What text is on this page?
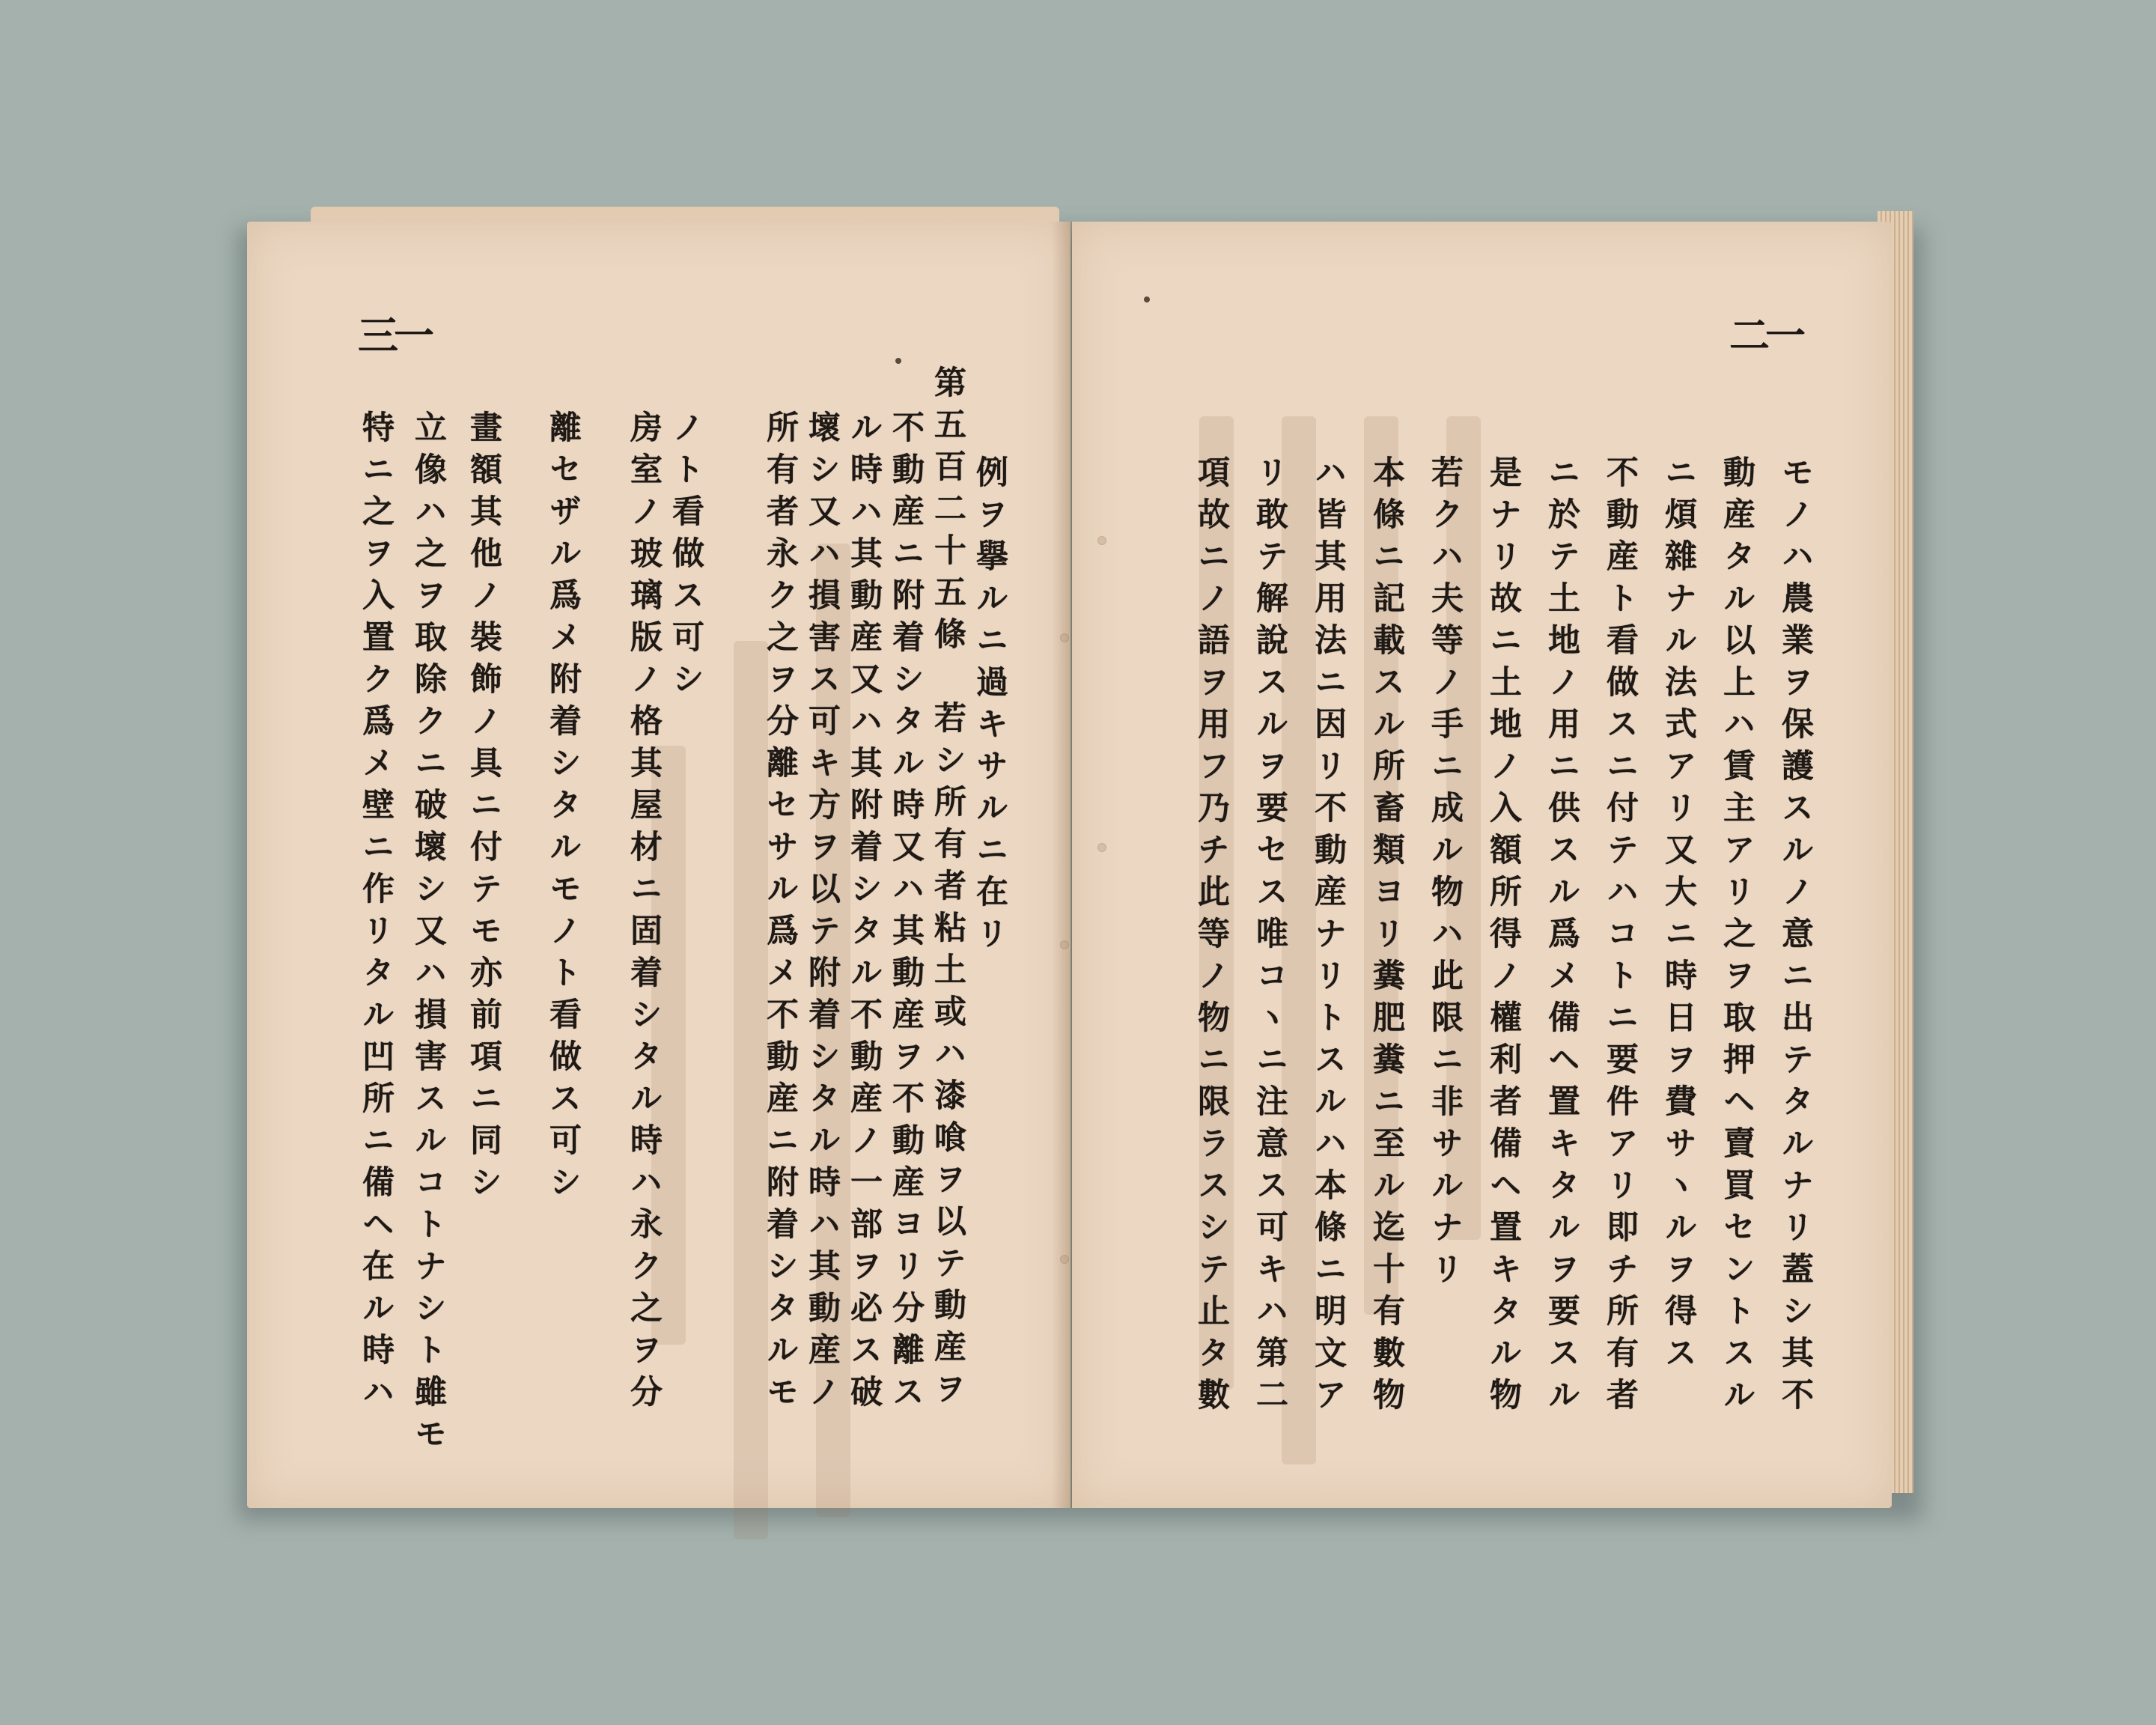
三一
例ヲ擧ルニ過キサルニ在リ
第五百二十五條　若シ所有者粘土或ハ漆喰ヲ以テ動産ヲ
不動産ニ附着シタル時又ハ其動産ヲ不動産ヨリ分離ス
ル時ハ其動産又ハ其附着シタル不動産ノ一部ヲ必ス破
壞シ又ハ損害ス可キ方ヲ以テ附着シタル時ハ其動産ノ
所有者永ク之ヲ分離セサル爲メ不動産ニ附着シタルモ
ノト看做ス可シ
房室ノ玻璃版ノ格其屋材ニ固着シタル時ハ永ク之ヲ分
離セザル爲メ附着シタルモノト看做ス可シ
畫額其他ノ裝飾ノ具ニ付テモ亦前項ニ同シ
立像ハ之ヲ取除クニ破壞シ又ハ損害スルコトナシト雖モ
特ニ之ヲ入置ク爲メ壁ニ作リタル凹所ニ備ヘ在ル時ハ
二一
モノハ農業ヲ保護スルノ意ニ出テタルナリ蓋シ其不
動産タル以上ハ賃主アリ之ヲ取押ヘ賣買セントスル
ニ煩雜ナル法式アリ又大ニ時日ヲ費サヽルヲ得ス
不動産ト看做スニ付テハコトニ要件アリ即チ所有者
ニ於テ土地ノ用ニ供スル爲メ備ヘ置キタルヲ要スル
是ナリ故ニ土地ノ入額所得ノ權利者備ヘ置キタル物
若クハ夫等ノ手ニ成ル物ハ此限ニ非サルナリ
本條ニ記載スル所畜類ヨリ糞肥糞ニ至ル迄十有數物
ハ皆其用法ニ因リ不動産ナリトスルハ本條ニ明文ア
リ敢テ解說スルヲ要セス唯コヽニ注意ス可キハ第二
項故ニノ語ヲ用フ乃チ此等ノ物ニ限ラスシテ止タ數
